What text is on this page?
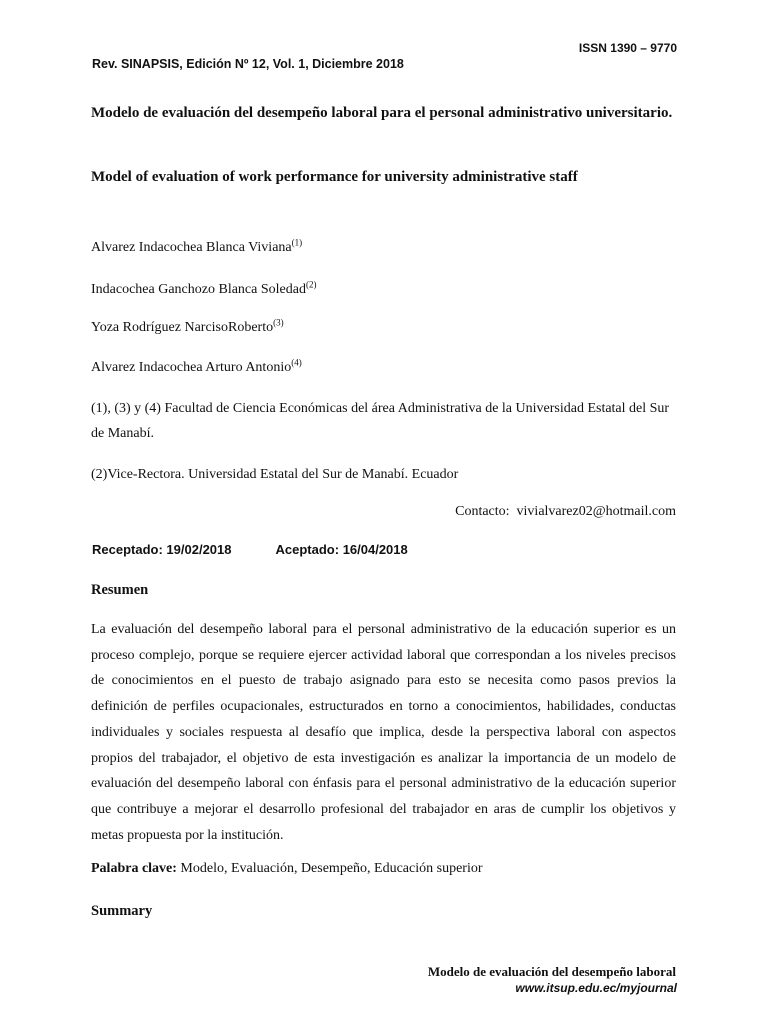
ISSN 1390 – 9770
Rev. SINAPSIS, Edición Nº 12, Vol. 1, Diciembre 2018
Modelo de evaluación del desempeño laboral para el personal administrativo universitario.
Model of evaluation of work performance for university administrative staff
Alvarez Indacochea Blanca Viviana$^{(1)}$
Indacochea Ganchozo Blanca Soledad$^{(2)}$
Yoza Rodríguez NarcisoRoberto$^{(3)}$
Alvarez Indacochea Arturo Antonio$^{(4)}$
(1), (3) y (4) Facultad de Ciencia Económicas del área Administrativa de la Universidad Estatal del Sur de Manabí.
(2)Vice-Rectora. Universidad Estatal del Sur de Manabí. Ecuador
Contacto:  vivialvarez02@hotmail.com
Receptado: 19/02/2018	Aceptado: 16/04/2018
Resumen
La evaluación del desempeño laboral para el personal administrativo de la educación superior es un proceso complejo, porque se requiere ejercer actividad laboral que correspondan a los niveles precisos de conocimientos en el puesto de trabajo asignado para esto se necesita como pasos previos la definición de perfiles ocupacionales, estructurados en torno a conocimientos, habilidades, conductas individuales y sociales respuesta al desafío que implica, desde la perspectiva laboral con aspectos propios del trabajador, el objetivo de esta investigación es analizar la importancia de un modelo de evaluación del desempeño laboral con énfasis para el personal administrativo de la educación superior que contribuye a mejorar el desarrollo profesional del trabajador en aras de cumplir los objetivos y metas propuesta por la institución.
Palabra clave: Modelo, Evaluación, Desempeño, Educación superior
Summary
Modelo de evaluación del desempeño laboral
www.itsup.edu.ec/myjournal
